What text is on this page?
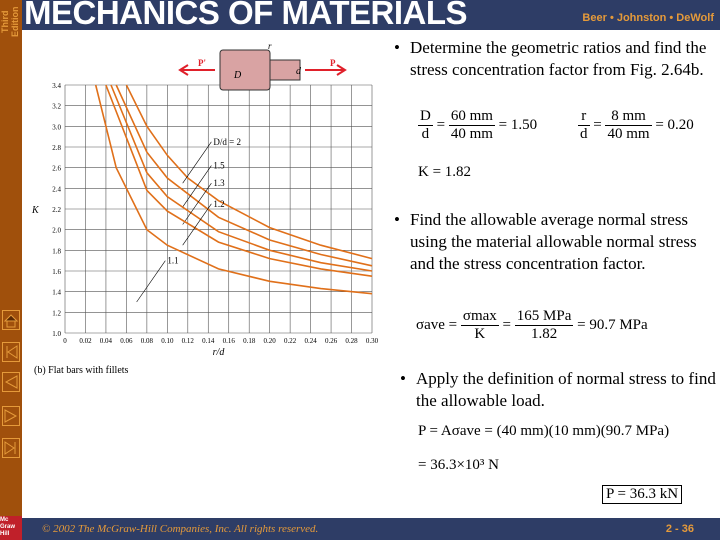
MECHANICS OF MATERIALS	Beer • Johnston • DeWolf
Third Edition
Mc
Graw
Hill	© 2002 The McGraw-Hill Companies, Inc. All rights reserved.	2 - 36
0 0.02 0.04 0.06 0.08 0.10 0.12 0.14 0.16 0.18 0.20 0.22 0.24 0.26 0.28 0.30
1.0
1.2
1.4
1.6
1.8
2.0
2.2
2.4
2.6
2.8
3.0
3.2
3.4
r/d
K
(b) Flat bars with fillets
D/d = 2
1.5
1.3
1.2
1.1
P'	P
D	d
r	• Determine the geometric ratios and find the stress concentration factor from Fig. 2.64b.
$\frac{D}{d} = \frac{60 mm}{40 mm} = 1.50$	$\frac{r}{d} = \frac{8 mm}{40 mm} = 0.20$
K = 1.82
• Find the allowable average normal stress using the material allowable normal stress and the stress concentration factor.
$\sigma ave = \frac{\sigma\max}{K} = \frac{\text{165 MPa}}{1.82} = 90.7$ MPa
• Apply the definition of normal stress to find the allowable load.
P = Aσave = (40 mm)(10 mm)(90.7 MPa)
= 36.3×10³ N
P = 36.3 kN
